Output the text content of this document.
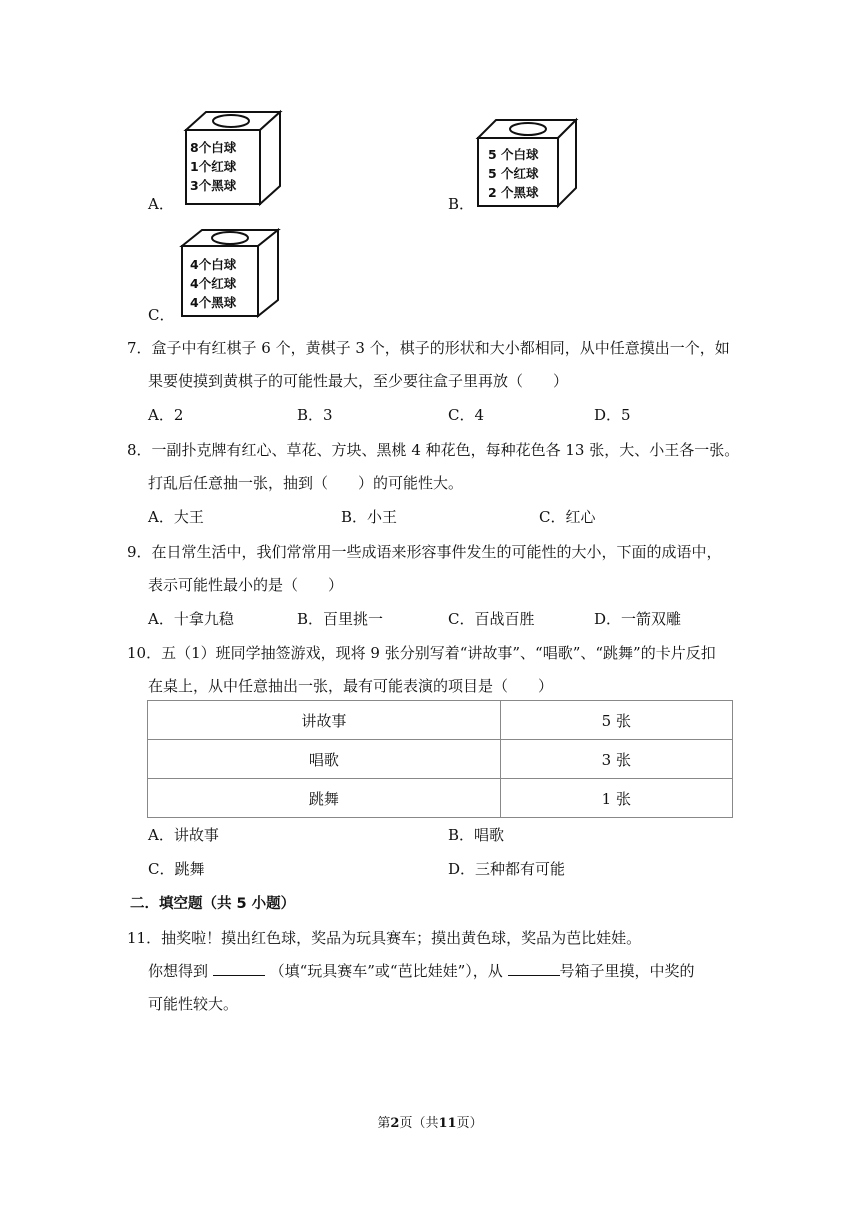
A．
8个白球
1个红球
3个黑球
B．
5 个白球
5 个红球
2 个黑球
C．
4个白球
4个红球
4个黑球
7．盒子中有红棋子 6 个，黄棋子 3 个，棋子的形状和大小都相同，从中任意摸出一个，如
果要使摸到黄棋子的可能性最大，至少要往盒子里再放（　　）
A．2	B．3	C．4	D．5
8．一副扑克牌有红心、草花、方块、黑桃 4 种花色，每种花色各 13 张，大、小王各一张。
打乱后任意抽一张，抽到（　　）的可能性大。
A．大王	B．小王	C．红心
9．在日常生活中，我们常常用一些成语来形容事件发生的可能性的大小，下面的成语中，
表示可能性最小的是（　　）
A．十拿九稳	B．百里挑一	C．百战百胜	D．一箭双雕
10．五（1）班同学抽签游戏，现将 9 张分别写着“讲故事”、“唱歌”、“跳舞”的卡片反扣
在桌上，从中任意抽出一张，最有可能表演的项目是（　　）
讲故事	5 张
唱歌	3 张
跳舞	1 张
A．讲故事	B．唱歌
C．跳舞	D．三种都有可能
二．填空题（共 5 小题）
11．抽奖啦！摸出红色球，奖品为玩具赛车；摸出黄色球，奖品为芭比娃娃。
你想得到	（填“玩具赛车”或“芭比娃娃”），从	号箱子里摸，中奖的
可能性较大。
第2页（共11页）
